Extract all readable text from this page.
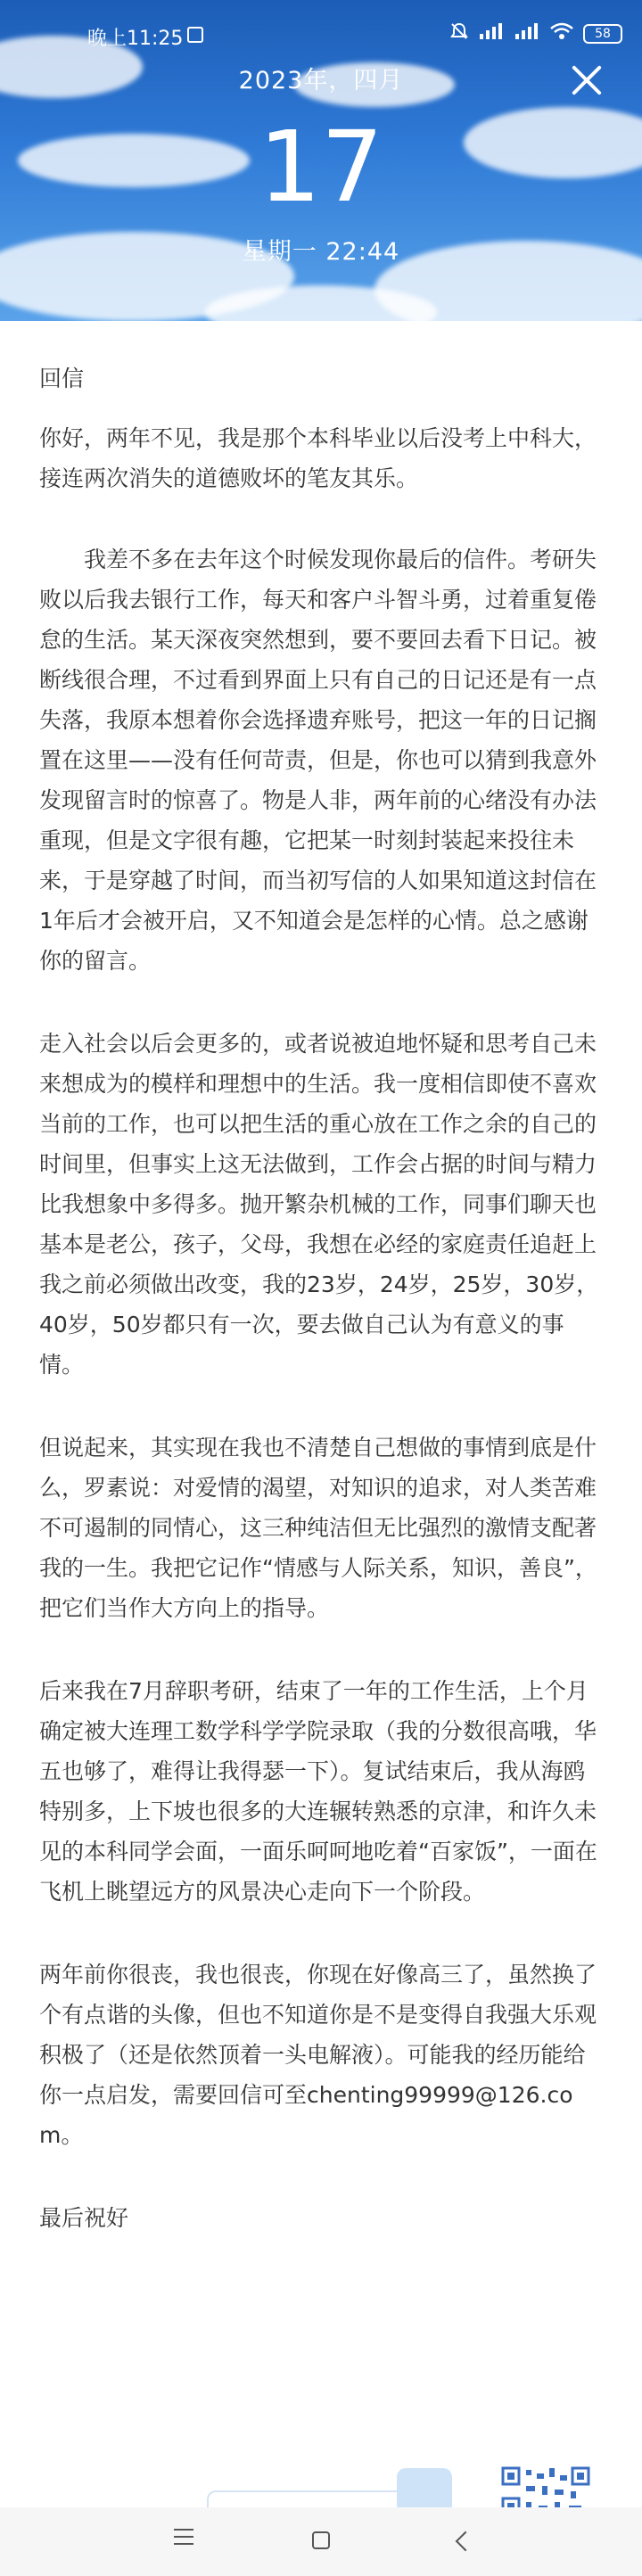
晚上11:25	58
2023年，四月
17
星期一 22:44
回信

你好，两年不见，我是那个本科毕业以后没考上中科大，接连两次消失的道德败坏的笔友其乐。

我差不多在去年这个时候发现你最后的信件。考研失败以后我去银行工作，每天和客户斗智斗勇，过着重复倦怠的生活。某天深夜突然想到，要不要回去看下日记。被断线很合理，不过看到界面上只有自己的日记还是有一点失落，我原本想着你会选择遗弃账号，把这一年的日记搁置在这里——没有任何苛责，但是，你也可以猜到我意外发现留言时的惊喜了。物是人非，两年前的心绪没有办法重现，但是文字很有趣，它把某一时刻封装起来投往未来，于是穿越了时间，而当初写信的人如果知道这封信在1年后才会被开启，又不知道会是怎样的心情。总之感谢你的留言。

走入社会以后会更多的，或者说被迫地怀疑和思考自己未来想成为的模样和理想中的生活。我一度相信即使不喜欢当前的工作，也可以把生活的重心放在工作之余的自己的时间里，但事实上这无法做到，工作会占据的时间与精力比我想象中多得多。抛开繁杂机械的工作，同事们聊天也基本是老公，孩子，父母，我想在必经的家庭责任追赶上我之前必须做出改变，我的23岁，24岁，25岁，30岁，40岁，50岁都只有一次，要去做自己认为有意义的事情。

但说起来，其实现在我也不清楚自己想做的事情到底是什么，罗素说：对爱情的渴望，对知识的追求，对人类苦难不可遏制的同情心，这三种纯洁但无比强烈的激情支配著我的一生。我把它记作“情感与人际关系，知识，善良”，把它们当作大方向上的指导。

后来我在7月辞职考研，结束了一年的工作生活，上个月确定被大连理工数学科学学院录取（我的分数很高哦，华五也够了，难得让我得瑟一下）。复试结束后，我从海鸥特别多，上下坡也很多的大连辗转熟悉的京津，和许久未见的本科同学会面，一面乐呵呵地吃着“百家饭”，一面在飞机上眺望远方的风景决心走向下一个阶段。

两年前你很丧，我也很丧，你现在好像高三了，虽然换了个有点谐的头像，但也不知道你是不是变得自我强大乐观积极了（还是依然顶着一头电解液）。可能我的经历能给你一点启发，需要回信可至chenting99999@126.com。

最后祝好
